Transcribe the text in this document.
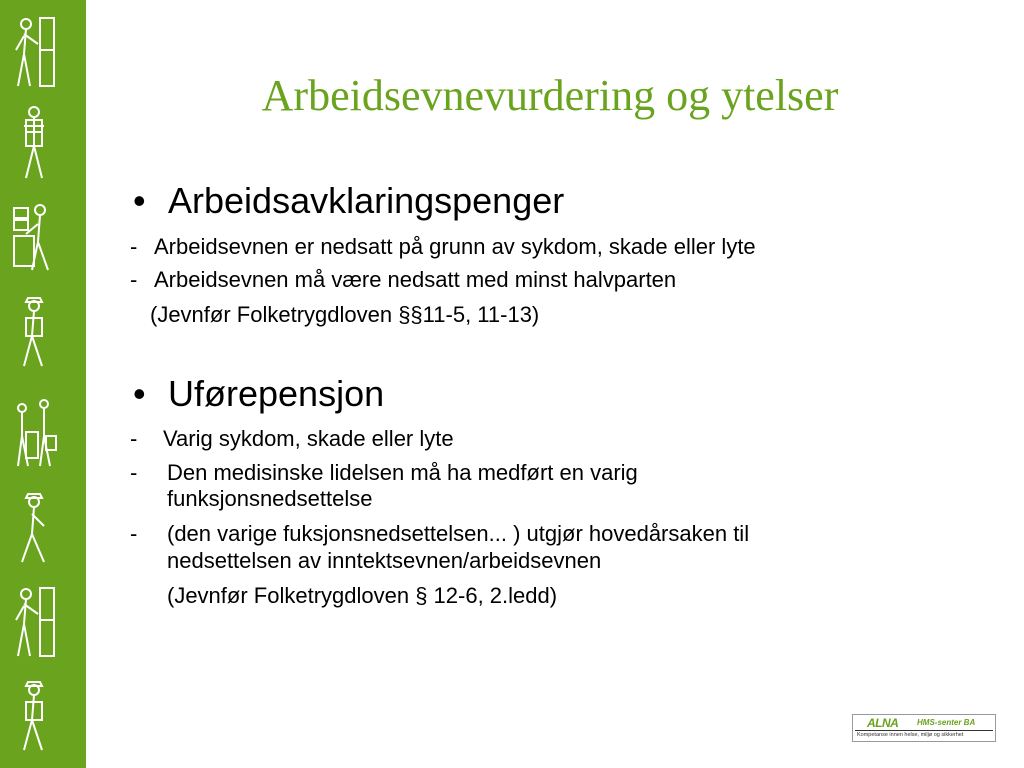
Arbeidsevnevurdering og ytelser
• Arbeidsavklaringspenger
- Arbeidsevnen er nedsatt på grunn av sykdom, skade eller lyte
- Arbeidsevnen må være nedsatt med minst halvparten
(Jevnfør Folketrygdloven §§11-5, 11-13)
• Uførepensjon
- Varig sykdom, skade eller lyte
- Den medisinske lidelsen må ha medført en varig
funksjonsnedsettelse
- (den varige fuksjonsnedsettelsen... ) utgjør hovedårsaken til
nedsettelsen av inntektsevnen/arbeidsevnen
(Jevnfør Folketrygdloven § 12-6, 2.ledd)
ALNA HMS-senter BA
Kompetanse innen helse, miljø og sikkerhet
